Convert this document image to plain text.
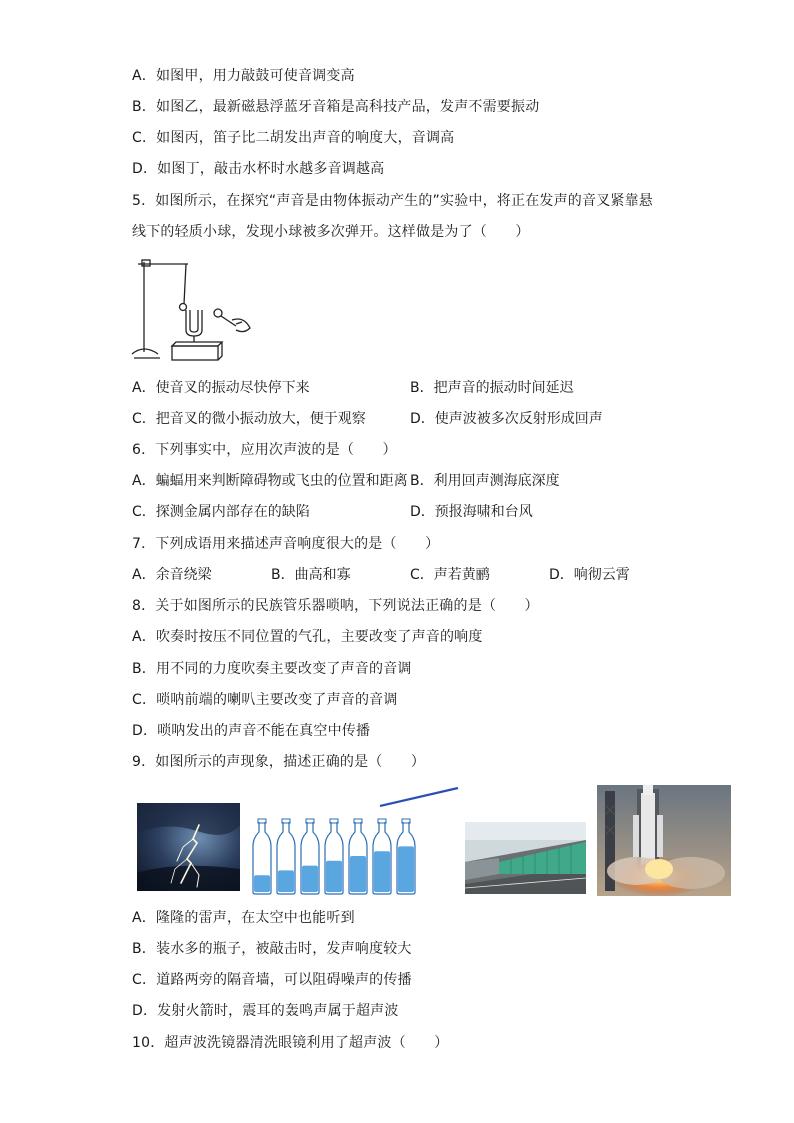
A．如图甲，用力敲鼓可使音调变高
B．如图乙，最新磁悬浮蓝牙音箱是高科技产品，发声不需要振动
C．如图丙，笛子比二胡发出声音的响度大，音调高
D．如图丁，敲击水杯时水越多音调越高
5．如图所示，在探究“声音是由物体振动产生的”实验中，将正在发声的音叉紧靠悬
线下的轻质小球，发现小球被多次弹开。这样做是为了（　　）
A．使音叉的振动尽快停下来	B．把声音的振动时间延迟
C．把音叉的微小振动放大，便于观察	D．使声波被多次反射形成回声
6．下列事实中，应用次声波的是（　　）
A．蝙蝠用来判断障碍物或飞虫的位置和距离 B．利用回声测海底深度
C．探测金属内部存在的缺陷	D．预报海啸和台风
7．下列成语用来描述声音响度很大的是（　　）
A．余音绕梁	B．曲高和寡	C．声若黄鹂	D．响彻云霄
8．关于如图所示的民族管乐器唢呐，下列说法正确的是（　　）
A．吹奏时按压不同位置的气孔，主要改变了声音的响度
B．用不同的力度吹奏主要改变了声音的音调
C．唢呐前端的喇叭主要改变了声音的音调
D．唢呐发出的声音不能在真空中传播
9．如图所示的声现象，描述正确的是（　　）
A．隆隆的雷声，在太空中也能听到
B．装水多的瓶子，被敲击时，发声响度较大
C．道路两旁的隔音墙，可以阻碍噪声的传播
D．发射火箭时，震耳的轰鸣声属于超声波
10．超声波洗镜器清洗眼镜利用了超声波（　　）
